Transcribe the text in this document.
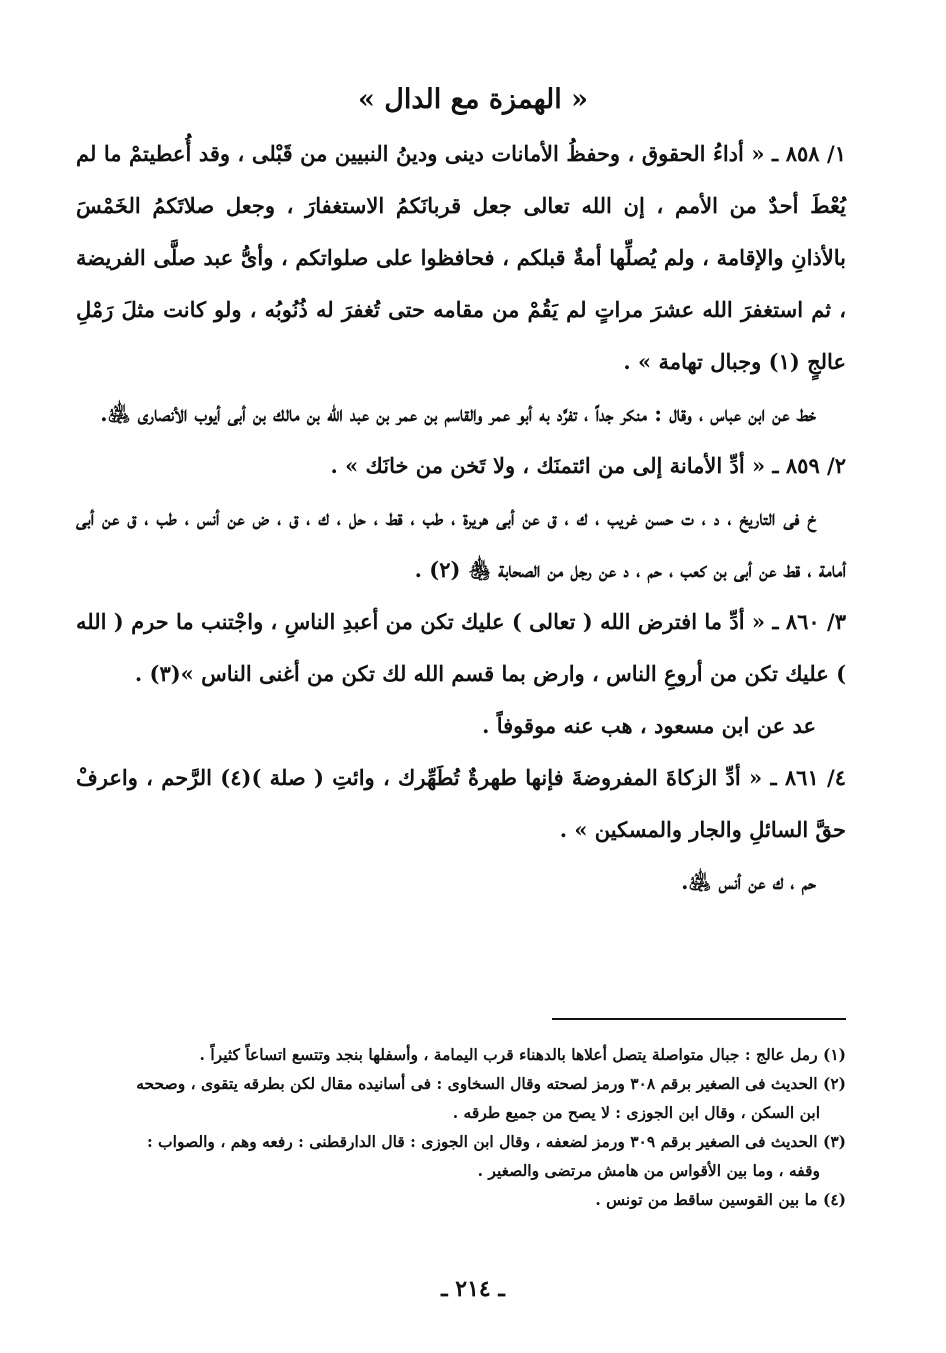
« الهمزة مع الدال »

١/ ٨٥٨ ـ « أداءُ الحقوق ، وحفظُ الأمانات دينى ودينُ النبيين من قَبْلى ، وقد أُعطيتمْ ما لم يُعْطَ أحدٌ من الأمم ، إن الله تعالى جعل قربانَكمُ الاستغفارَ ، وجعل صلاتَكمُ الخَمْسَ بالأذانِ والإقامة ، ولم يُصلِّها أمةٌ قبلكم ، فحافظوا على صلواتكم ، وأىُّ عبد صلَّى الفريضة ، ثم استغفرَ الله عشرَ مراتٍ لم يَقُمْ من مقامه حتى تُغفرَ له ذُنُوبُه ، ولو كانت مثلَ رَمْلِ عالجٍ (١) وجبال تهامة » .

خط عن ابن عباس ، وقال : منكر جداً ، تفرَّد به أبو عمر والقاسم بن عمر بن عبد الله بن مالك بن أبى أيوب الأنصارى ﵁.

٢/ ٨٥٩ ـ « أدِّ الأمانة إلى من ائتمنَك ، ولا تَخن من خانَك » .

خ فى التاريخ ، د ، ت حسن غريب ، ك ، ق عن أبى هريرة ، طب ، قط ، حل ، ك ، ق ، ض عن أنس ، طب ، ق عن أبى أمامة ، قط عن أبى بن كعب ، حم ، د عن رجل من الصحابة ﵃ (٢) .

٣/ ٨٦٠ ـ « أدِّ ما افترض الله ( تعالى ) عليك تكن من أعبدِ الناسِ ، واجْتنب ما حرم ( الله ) عليك تكن من أروعِ الناس ، وارض بما قسم الله لك تكن من أغنى الناس »(٣) .

عد عن ابن مسعود ، هب عنه موقوفاً .

٤/ ٨٦١ ـ « أدِّ الزكاةَ المفروضةَ فإنها طهرةٌ تُطَهِّرك ، وائتِ ( صلة )(٤) الرَّحم ، واعرفْ حقَّ السائلِ والجار والمسكين » .

حم ، ك عن أنس ﵁.

(١) رمل عالج : جبال متواصلة يتصل أعلاها بالدهناء قرب اليمامة ، وأسفلها بنجد وتتسع اتساعاً كثيراً .

(٢) الحديث فى الصغير برقم ٣٠٨ ورمز لصحته وقال السخاوى : فى أسانيده مقال لكن بطرقه يتقوى ، وصححه
ابن السكن ، وقال ابن الجوزى : لا يصح من جميع طرقه .

(٣) الحديث فى الصغير برقم ٣٠٩ ورمز لضعفه ، وقال ابن الجوزى : قال الدارقطنى : رفعه وهم ، والصواب :
وقفه ، وما بين الأقواس من هامش مرتضى والصغير .

(٤) ما بين القوسين ساقط من تونس .

ـ ٢١٤ ـ
